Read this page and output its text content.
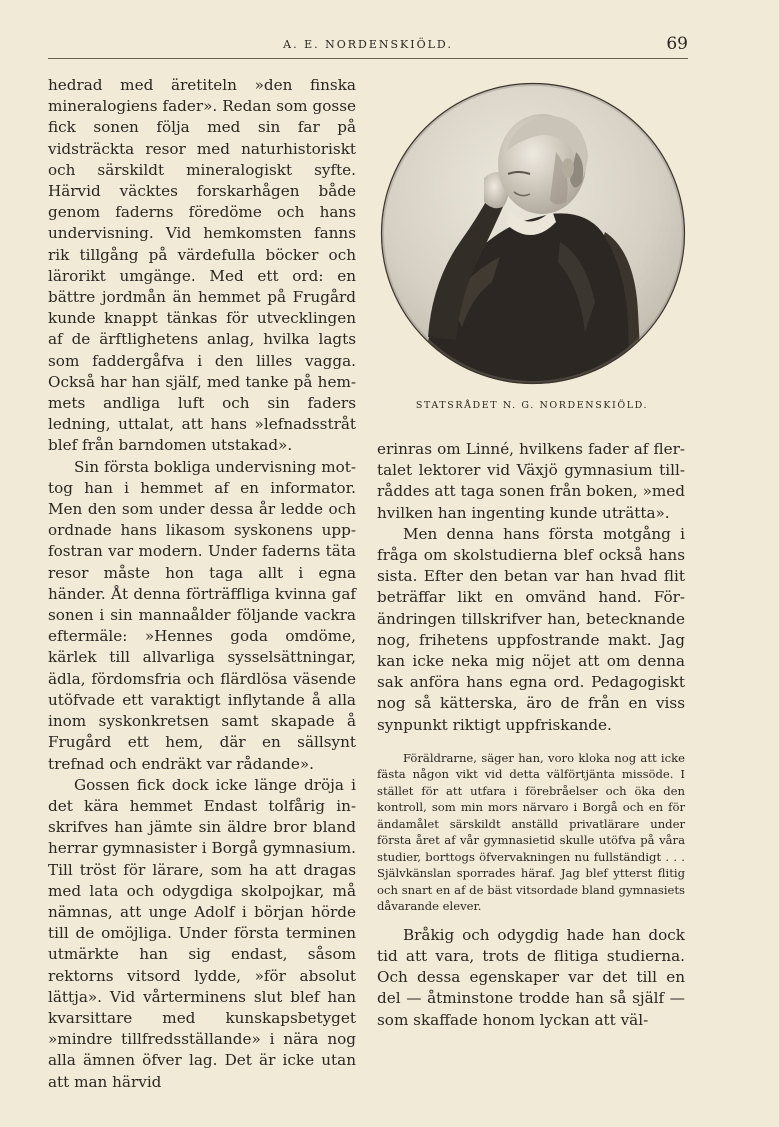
A. E. NORDENSKIÖLD.	69

hedrad med äretiteln »den finska mineralogiens fader». Redan som gosse fick sonen följa med sin far på vidsträckta resor med naturhistoriskt och särskildt mineralogiskt syfte. Härvid väcktes forskarhågen både genom faderns föredöme och hans undervisning. Vid hemkomsten fanns rik tillgång på värdefulla böcker och lärorikt umgänge. Med ett ord: en bättre jordmån än hemmet på Frugård kunde knappt tänkas för utvecklingen af de ärftlighetens anlag, hvilka lagts som faddergåfva i den lilles vagga. Också har han själf, med tanke på hemmets andliga luft och sin faders ledning, uttalat, att hans »lefnadsstråt blef från barndomen utstakad».

Sin första bokliga undervisning mottog han i hemmet af en informator. Men den som under dessa år ledde och ordnade hans likasom syskonens uppfostran var modern. Under faderns täta resor måste hon taga allt i egna händer. Åt denna förträffliga kvinna gaf sonen i sin mannaålder följande vackra eftermäle: »Hennes goda omdöme, kärlek till allvarliga sysselsättningar, ädla, fördomsfria och flärdlösa väsende utöfvade ett varaktigt inflytande å alla inom syskonkretsen samt skapade å Frugård ett hem, där en sällsynt trefnad och endräkt var rådande».

Gossen fick dock icke länge dröja i det kära hemmet Endast tolfårig inskrifves han jämte sin äldre bror bland herrar gymnasister i Borgå gymnasium. Till tröst för lärare, som ha att dragas med lata och odygdiga skolpojkar, må nämnas, att unge Adolf i början hörde till de omöjliga. Under första terminen utmärkte han sig endast, såsom rektorns vitsord lydde, »för absolut lättja». Vid vårterminens slut blef han kvarsittare med kunskapsbetyget »mindre tillfredsställande» i nära nog alla ämnen öfver lag. Det är icke utan att man härvid

STATSRÅDET N. G. NORDENSKIÖLD.

erinras om Linné, hvilkens fader af flertalet lektorer vid Växjö gymnasium tillråddes att taga sonen från boken, »med hvilken han ingenting kunde uträtta».

Men denna hans första motgång i fråga om skolstudierna blef också hans sista. Efter den betan var han hvad flit beträffar likt en omvänd hand. Förändringen tillskrifver han, betecknande nog, frihetens uppfostrande makt. Jag kan icke neka mig nöjet att om denna sak anföra hans egna ord. Pedagogiskt nog så kätterska, äro de från en viss synpunkt riktigt uppfriskande.

Föräldrarne, säger han, voro kloka nog att icke fästa någon vikt vid detta välförtjänta missöde. I stället för att utfara i förebråelser och öka den kontroll, som min mors närvaro i Borgå och en för ändamålet särskildt anställd privatlärare under första året af vår gymnasietid skulle utöfva på våra studier, borttogs öfvervakningen nu fullständigt . . . Självkänslan sporrades häraf. Jag blef ytterst flitig och snart en af de bäst vitsordade bland gymnasiets dåvarande elever.

Bråkig och odygdig hade han dock tid att vara, trots de flitiga studierna. Och dessa egenskaper var det till en del — åtminstone trodde han så själf — som skaffade honom lyckan att väl-
